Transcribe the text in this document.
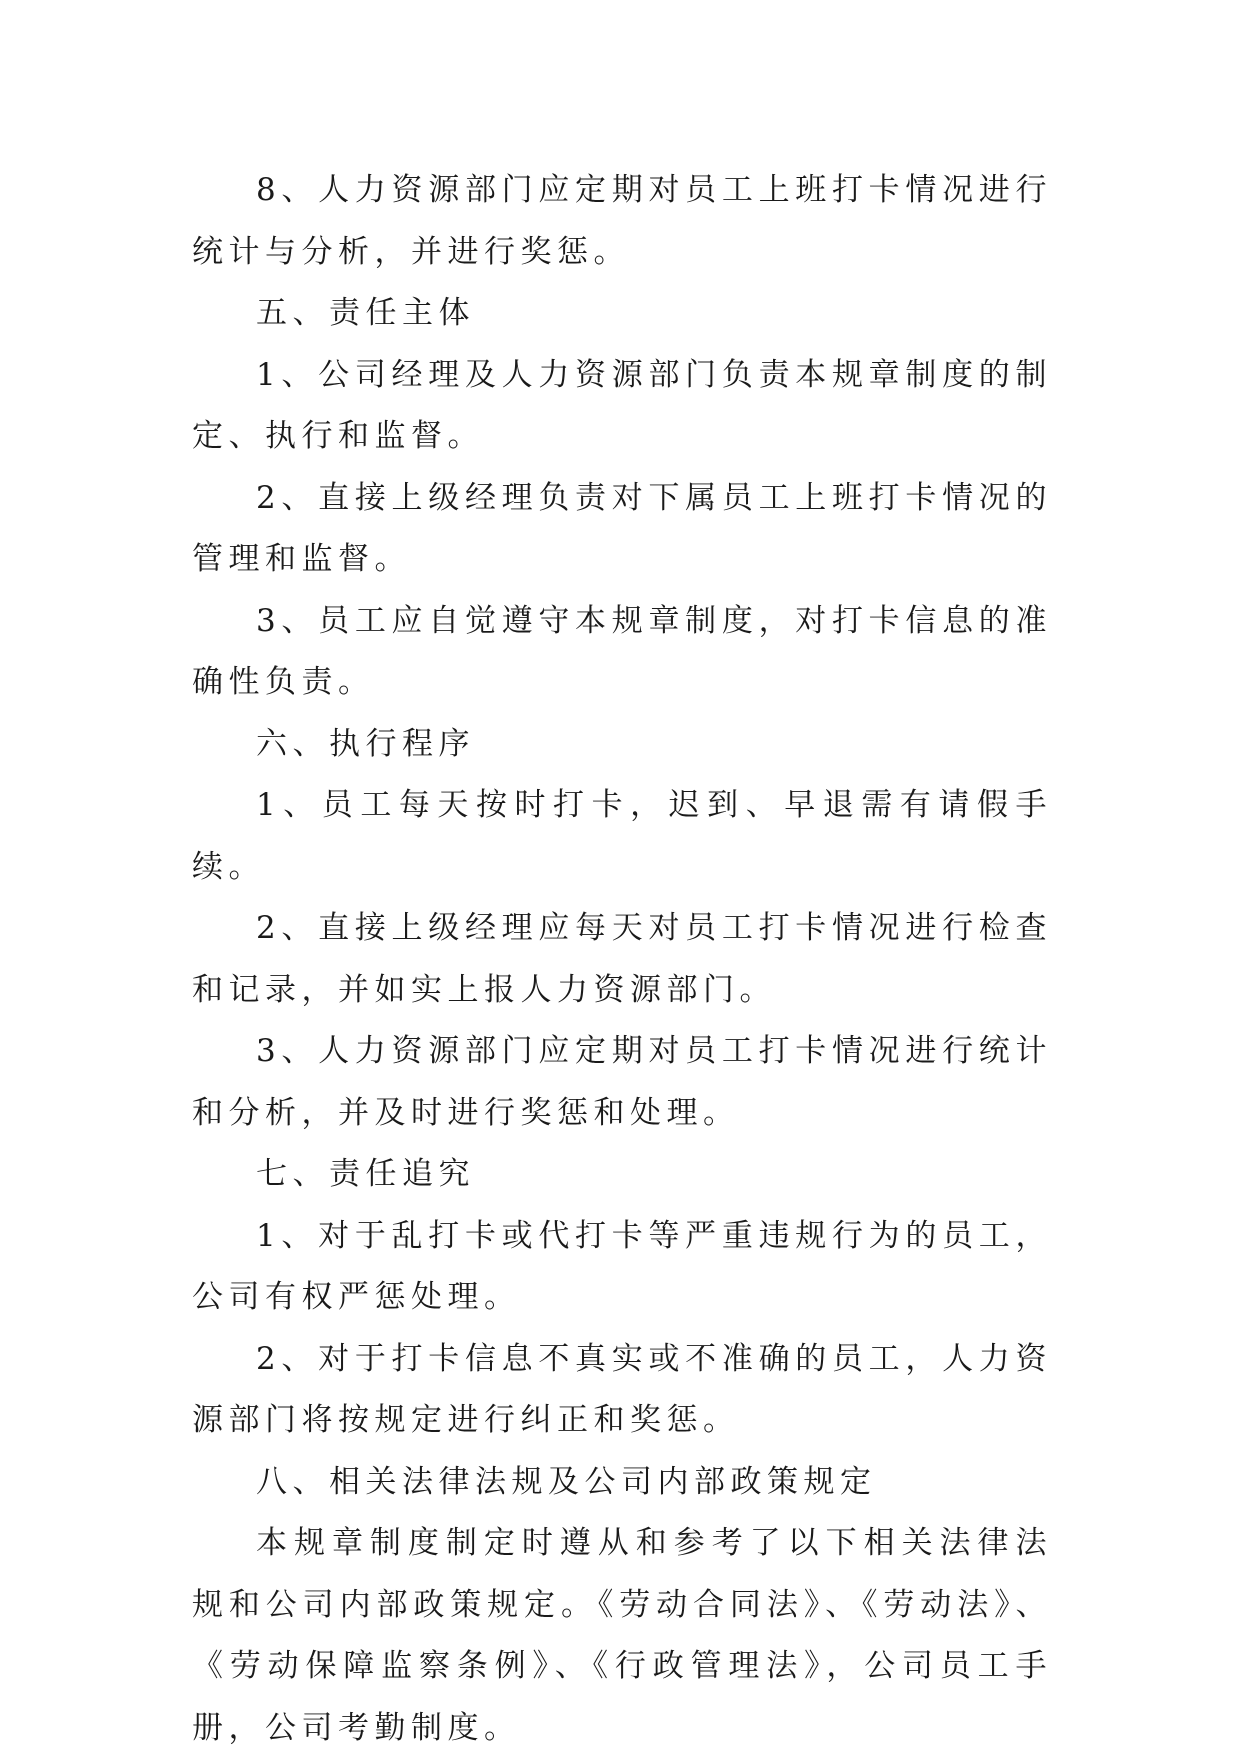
8、人力资源部门应定期对员工上班打卡情况进行统计与分析，并进行奖惩。

五、责任主体

1、公司经理及人力资源部门负责本规章制度的制定、执行和监督。

2、直接上级经理负责对下属员工上班打卡情况的管理和监督。

3、员工应自觉遵守本规章制度，对打卡信息的准确性负责。

六、执行程序

1、员工每天按时打卡，迟到、早退需有请假手续。

2、直接上级经理应每天对员工打卡情况进行检查和记录，并如实上报人力资源部门。

3、人力资源部门应定期对员工打卡情况进行统计和分析，并及时进行奖惩和处理。

七、责任追究

1、对于乱打卡或代打卡等严重违规行为的员工，公司有权严惩处理。

2、对于打卡信息不真实或不准确的员工，人力资源部门将按规定进行纠正和奖惩。

八、相关法律法规及公司内部政策规定

本规章制度制定时遵从和参考了以下相关法律法规和公司内部政策规定。《劳动合同法》、《劳动法》、《劳动保障监察条例》、《行政管理法》，公司员工手册，公司考勤制度。
